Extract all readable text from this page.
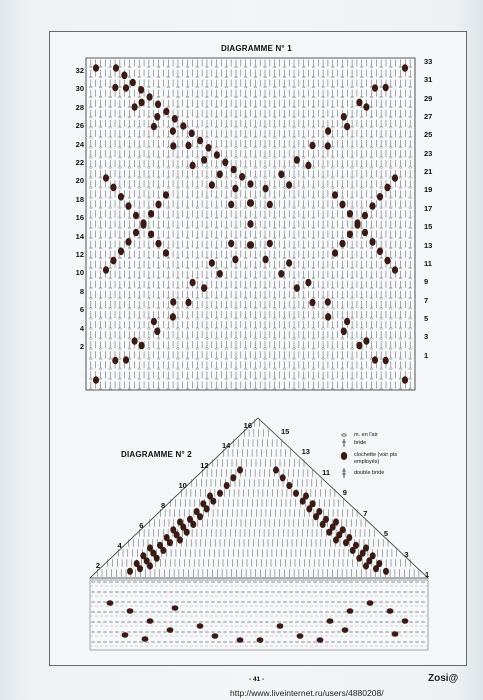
DIAGRAMME N° 1
DIAGRAMME N° 2
32
30
28
26
24
22
20
18
16
14
12
10
8
6
4
2
33
31
29
27
25
23
21
19
17
15
13
11
9
7
5
3
1
2
4
6
8
10
12
14
16
1
3
5
7
9
11
13
15	m. en l'air
bride
clochette (voir pts employés)
double bride
- 41 -	Zosi@
http://www.liveinternet.ru/users/4880208/
